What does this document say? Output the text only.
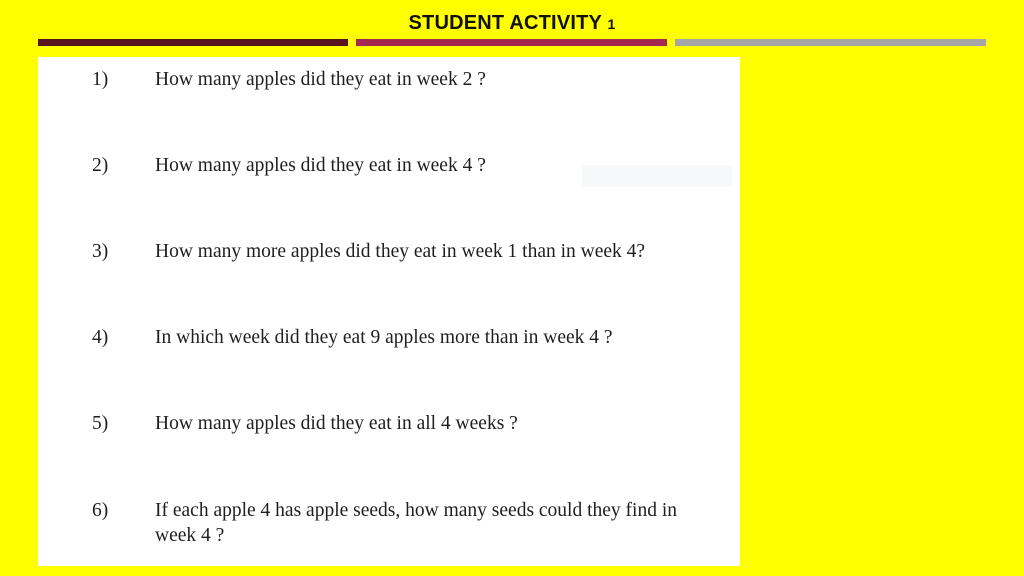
STUDENT ACTIVITY 1
1) How many apples did they eat in week 2 ?
2) How many apples did they eat in week 4 ?
3) How many more apples did they eat in week 1 than in week 4?
4) In which week did they eat 9 apples more than in week 4 ?
5) How many apples did they eat in all 4 weeks ?
6) If each apple 4 has apple seeds, how many seeds could they find in week 4 ?
